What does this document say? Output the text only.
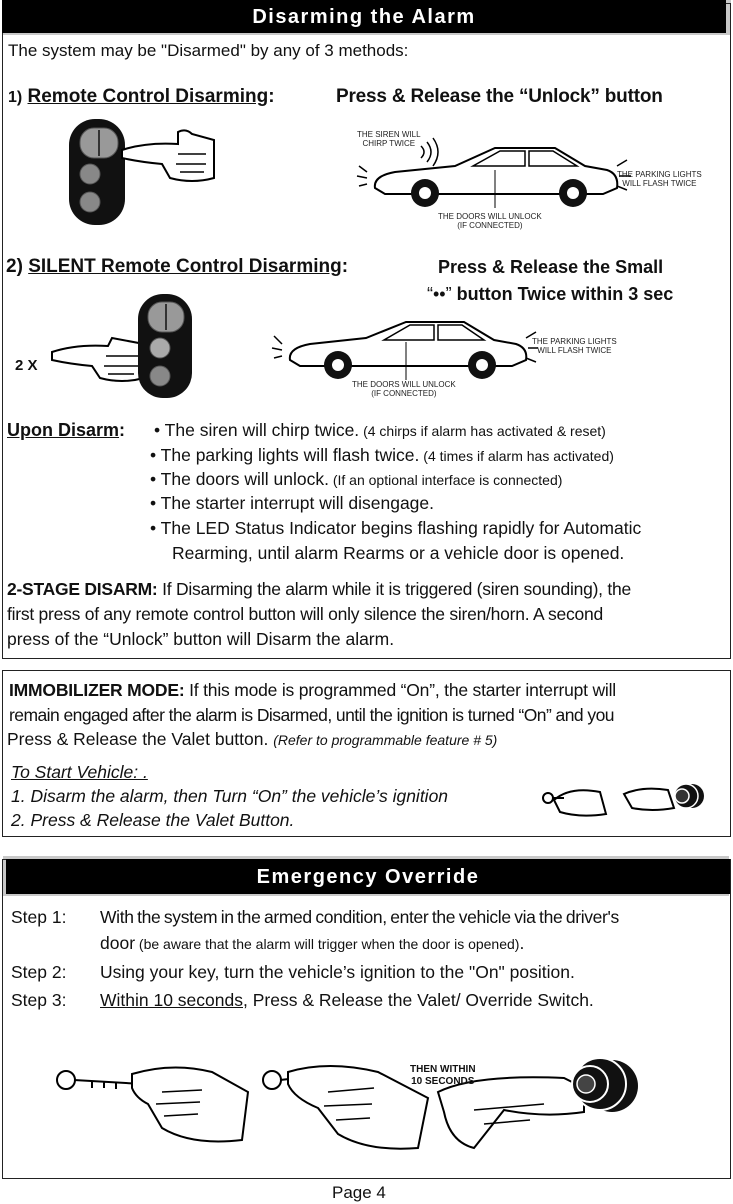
Disarming the Alarm
The system may be "Disarmed" by any of 3 methods:
1) Remote Control Disarming:	Press & Release the “Unlock” button
THE SIREN WILL
CHIRP TWICE
THE PARKING LIGHTS
WILL FLASH TWICE
THE DOORS WILL UNLOCK
(IF CONNECTED)
2) SILENT Remote Control Disarming:	Press & Release the Small
“••” button Twice within 3 sec
2 X
THE PARKING LIGHTS
WILL FLASH TWICE
THE DOORS WILL UNLOCK
(IF CONNECTED)
Upon Disarm: • The siren will chirp twice. (4 chirps if alarm has activated & reset)
• The parking lights will flash twice. (4 times if alarm has activated)
• The doors will unlock. (If an optional interface is connected)
• The starter interrupt will disengage.
• The LED Status Indicator begins flashing rapidly for Automatic
Rearming, until alarm Rearms or a vehicle door is opened.
2-STAGE DISARM: If Disarming the alarm while it is triggered (siren sounding), the
first press of any remote control button will only silence the siren/horn. A second
press of the “Unlock” button will Disarm the alarm.
IMMOBILIZER MODE: If this mode is programmed “On”, the starter interrupt will
remain engaged after the alarm is Disarmed, until the ignition is turned “On” and you
Press & Release the Valet button. (Refer to programmable feature # 5)
To Start Vehicle: .
1. Disarm the alarm, then Turn “On” the vehicle’s ignition
2. Press & Release the Valet Button.
Emergency Override
Step 1: With the system in the armed condition, enter the vehicle via the driver's
door (be aware that the alarm will trigger when the door is opened).
Step 2: Using your key, turn the vehicle’s ignition to the "On" position.
Step 3: Within 10 seconds, Press & Release the Valet/ Override Switch.
THEN WITHIN
10 SECONDS
Page 4
